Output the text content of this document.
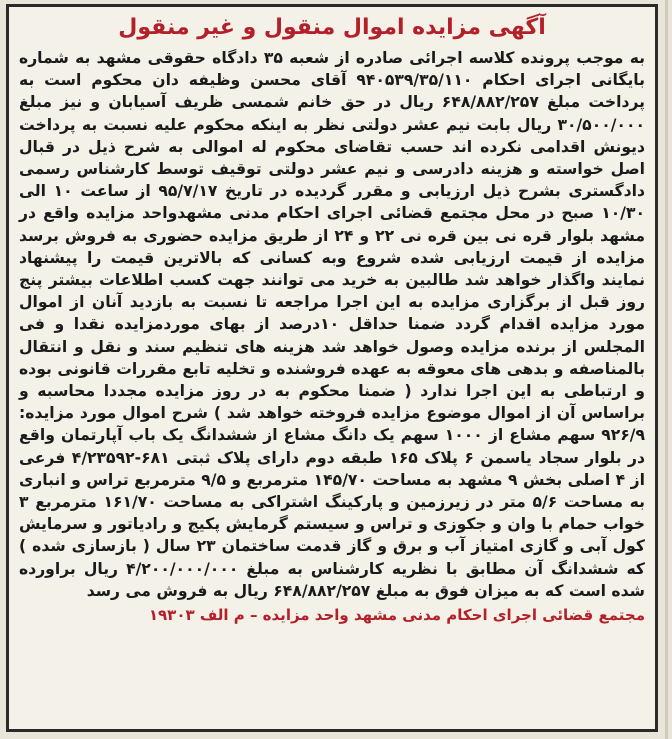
آگهی مزایده اموال منقول و غیر منقول

به موجب پرونده کلاسه اجرائی صادره از شعبه ۳۵ دادگاه حقوقی مشهد به شماره بایگانی اجرای احکام ۹۴۰۵۳۹/۳۵/۱۱۰ آقای محسن وظیفه دان محکوم است به پرداخت مبلغ ۶۴۸/۸۸۲/۲۵۷ ریال در حق خانم شمسی ظریف آسیابان و نیز مبلغ ۳۰/۵۰۰/۰۰۰ ریال بابت نیم عشر دولتی نظر به اینکه محکوم علیه نسبت به پرداخت دیونش اقدامی نکرده اند حسب تقاضای محکوم له اموالی به شرح ذیل در قبال اصل خواسته و هزینه دادرسی و نیم عشر دولتی توقیف توسط کارشناس رسمی دادگستری بشرح ذیل ارزیابی و مقرر گردیده در تاریخ ۹۵/۷/۱۷ از ساعت ۱۰ الی ۱۰/۳۰ صبح در محل مجتمع قضائی اجرای احکام مدنی مشهدواحد مزایده واقع در مشهد بلوار قره نی بین قره نی ۲۲ و ۲۴ از طریق مزایده حضوری به فروش برسد مزایده از قیمت ارزیابی شده شروع وبه کسانی که بالاترین قیمت را پیشنهاد نمایند واگذار خواهد شد طالبین به خرید می توانند جهت کسب اطلاعات بیشتر پنج روز قبل از برگزاری مزایده به این اجرا مراجعه تا نسبت به بازدید آنان از اموال مورد مزایده اقدام گردد ضمنا حداقل ۱۰درصد از بهای موردمزایده نقدا و فی المجلس از برنده مزایده وصول خواهد شد هزینه های تنظیم سند و نقل و انتقال بالمناصفه و بدهی های معوقه به عهده فروشنده و تخلیه تابع مقررات قانونی بوده و ارتباطی به این اجرا ندارد ( ضمنا محکوم به در روز مزایده مجددا محاسبه و براساس آن از اموال موضوع مزایده فروخته خواهد شد ) شرح اموال مورد مزایده: ۹۲۶/۹ سهم مشاع از ۱۰۰۰ سهم یک دانگ مشاع از ششدانگ یک باب آپارتمان واقع در بلوار سجاد یاسمن ۶ پلاک ۱۶۵ طبقه دوم دارای پلاک ثبتی ۶۸۱-۴/۲۳۵۹۲ فرعی از ۴ اصلی بخش ۹ مشهد به مساحت ۱۴۵/۷۰ مترمربع و ۹/۵ مترمربع تراس و انباری به مساحت ۵/۶ متر در زیرزمین و پارکینگ اشتراکی به مساحت ۱۶۱/۷۰ مترمربع ۳ خواب حمام با وان و جکوزی و تراس و سیستم گرمایش پکیج و رادیاتور و سرمایش کول آبی و گازی امتیاز آب و برق و گاز قدمت ساختمان ۲۳ سال ( بازسازی شده ) که ششدانگ آن مطابق با نظریه کارشناس به مبلغ ۴/۲۰۰/۰۰۰/۰۰۰ ریال براورده شده است که به میزان فوق به مبلغ ۶۴۸/۸۸۲/۲۵۷ ریال به فروش می رسد

مجتمع قضائی اجرای احکام مدنی مشهد واحد مزایده – م الف ۱۹۳۰۳
